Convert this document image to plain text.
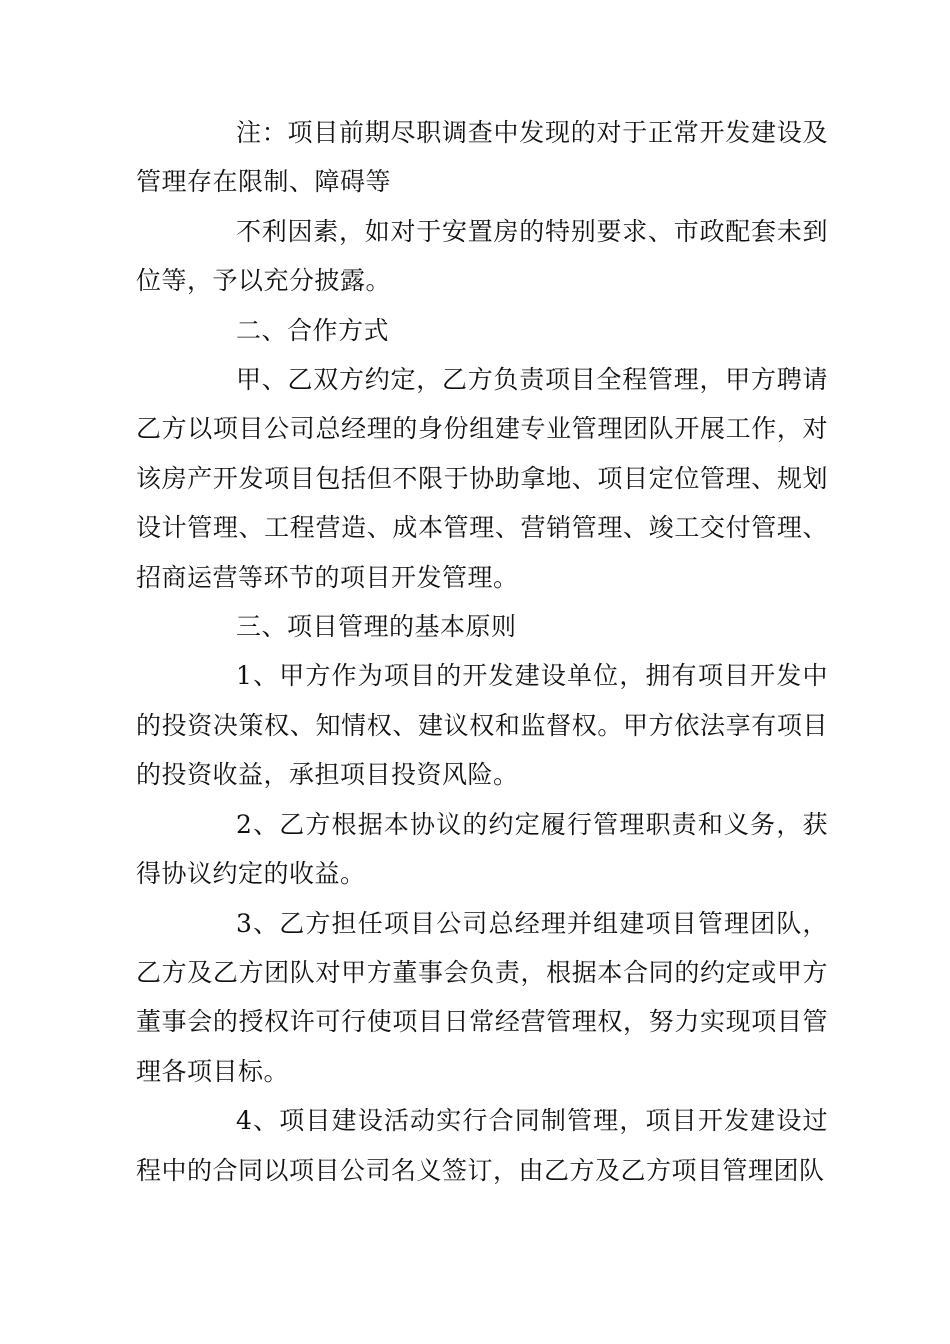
注：项目前期尽职调查中发现的对于正常开发建设及管理存在限制、障碍等

不利因素，如对于安置房的特别要求、市政配套未到位等，予以充分披露。

二、合作方式

甲、乙双方约定，乙方负责项目全程管理，甲方聘请乙方以项目公司总经理的身份组建专业管理团队开展工作，对该房产开发项目包括但不限于协助拿地、项目定位管理、规划设计管理、工程营造、成本管理、营销管理、竣工交付管理、招商运营等环节的项目开发管理。

三、项目管理的基本原则

1、甲方作为项目的开发建设单位，拥有项目开发中的投资决策权、知情权、建议权和监督权。甲方依法享有项目的投资收益，承担项目投资风险。

2、乙方根据本协议的约定履行管理职责和义务，获得协议约定的收益。

3、乙方担任项目公司总经理并组建项目管理团队，乙方及乙方团队对甲方董事会负责，根据本合同的约定或甲方董事会的授权许可行使项目日常经营管理权，努力实现项目管理各项目标。

4、项目建设活动实行合同制管理，项目开发建设过程中的合同以项目公司名义签订，由乙方及乙方项目管理团队
